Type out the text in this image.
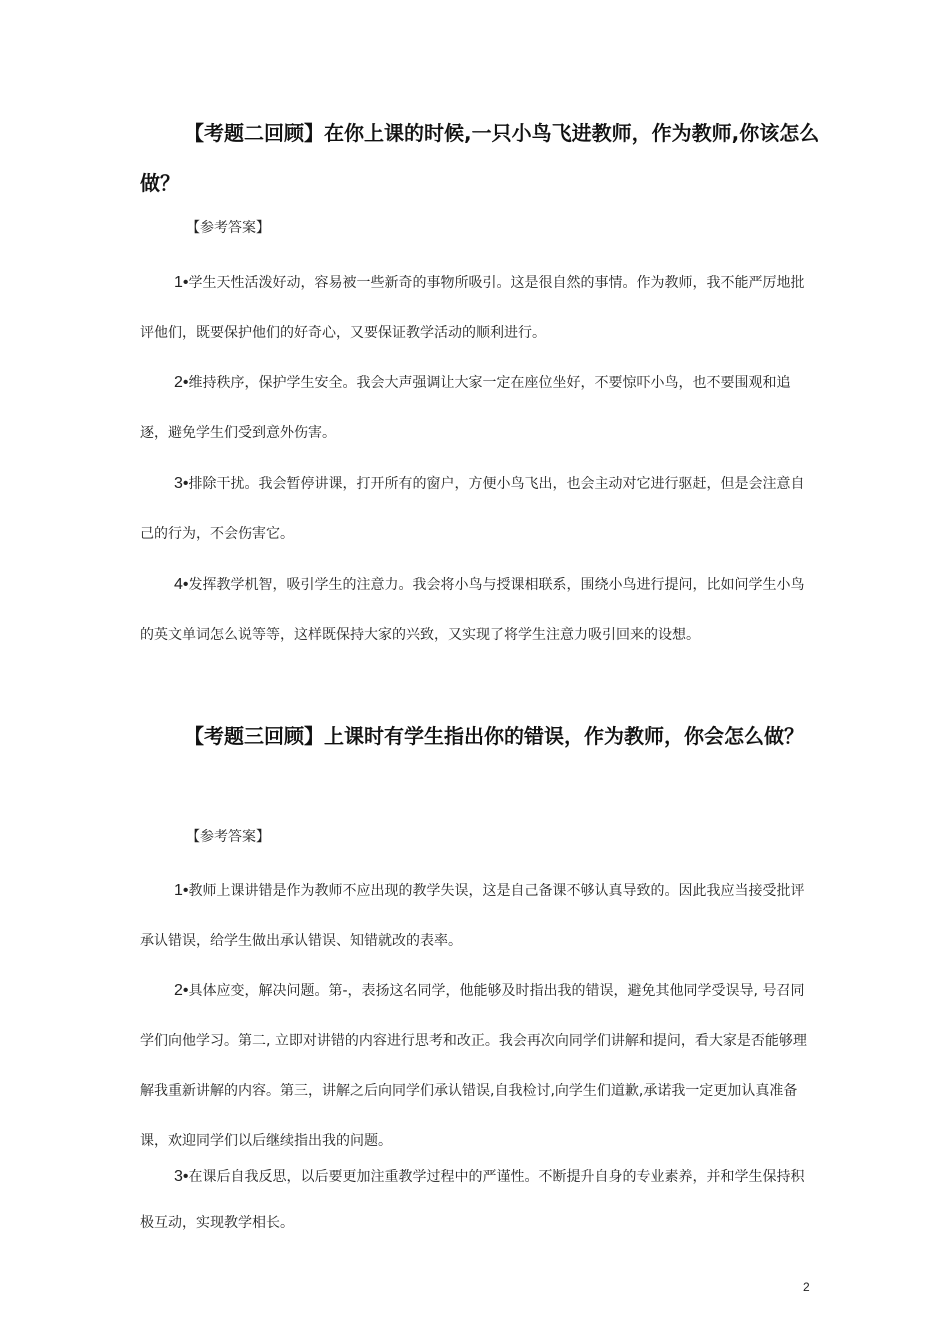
【考题二回顾】在你上课的时候,一只小鸟飞进教师，作为教师,你该怎么做？

【参考答案】

1•学生天性活泼好动，容易被一些新奇的事物所吸引。这是很自然的事情。作为教师，我不能严厉地批评他们，既要保护他们的好奇心，又要保证教学活动的顺利进行。

2•维持秩序，保护学生安全。我会大声强调让大家一定在座位坐好，不要惊吓小鸟，也不要围观和追逐，避免学生们受到意外伤害。

3•排除干扰。我会暂停讲课，打开所有的窗户，方便小鸟飞出，也会主动对它进行驱赶，但是会注意自己的行为，不会伤害它。

4•发挥教学机智，吸引学生的注意力。我会将小鸟与授课相联系，围绕小鸟进行提问，比如问学生小鸟的英文单词怎么说等等，这样既保持大家的兴致，又实现了将学生注意力吸引回来的设想。

【考题三回顾】上课时有学生指出你的错误，作为教师，你会怎么做？

【参考答案】

1•教师上课讲错是作为教师不应出现的教学失误，这是自己备课不够认真导致的。因此我应当接受批评承认错误，给学生做出承认错误、知错就改的表率。

2•具体应变，解决问题。第-，表扬这名同学，他能够及时指出我的错误，避免其他同学受误导, 号召同学们向他学习。第二, 立即对讲错的内容进行思考和改正。我会再次向同学们讲解和提问，看大家是否能够理解我重新讲解的内容。第三，讲解之后向同学们承认错误,自我检讨,向学生们道歉,承诺我一定更加认真准备课，欢迎同学们以后继续指出我的问题。

3•在课后自我反思，以后要更加注重教学过程中的严谨性。不断提升自身的专业素养，并和学生保持积极互动，实现教学相长。

2
